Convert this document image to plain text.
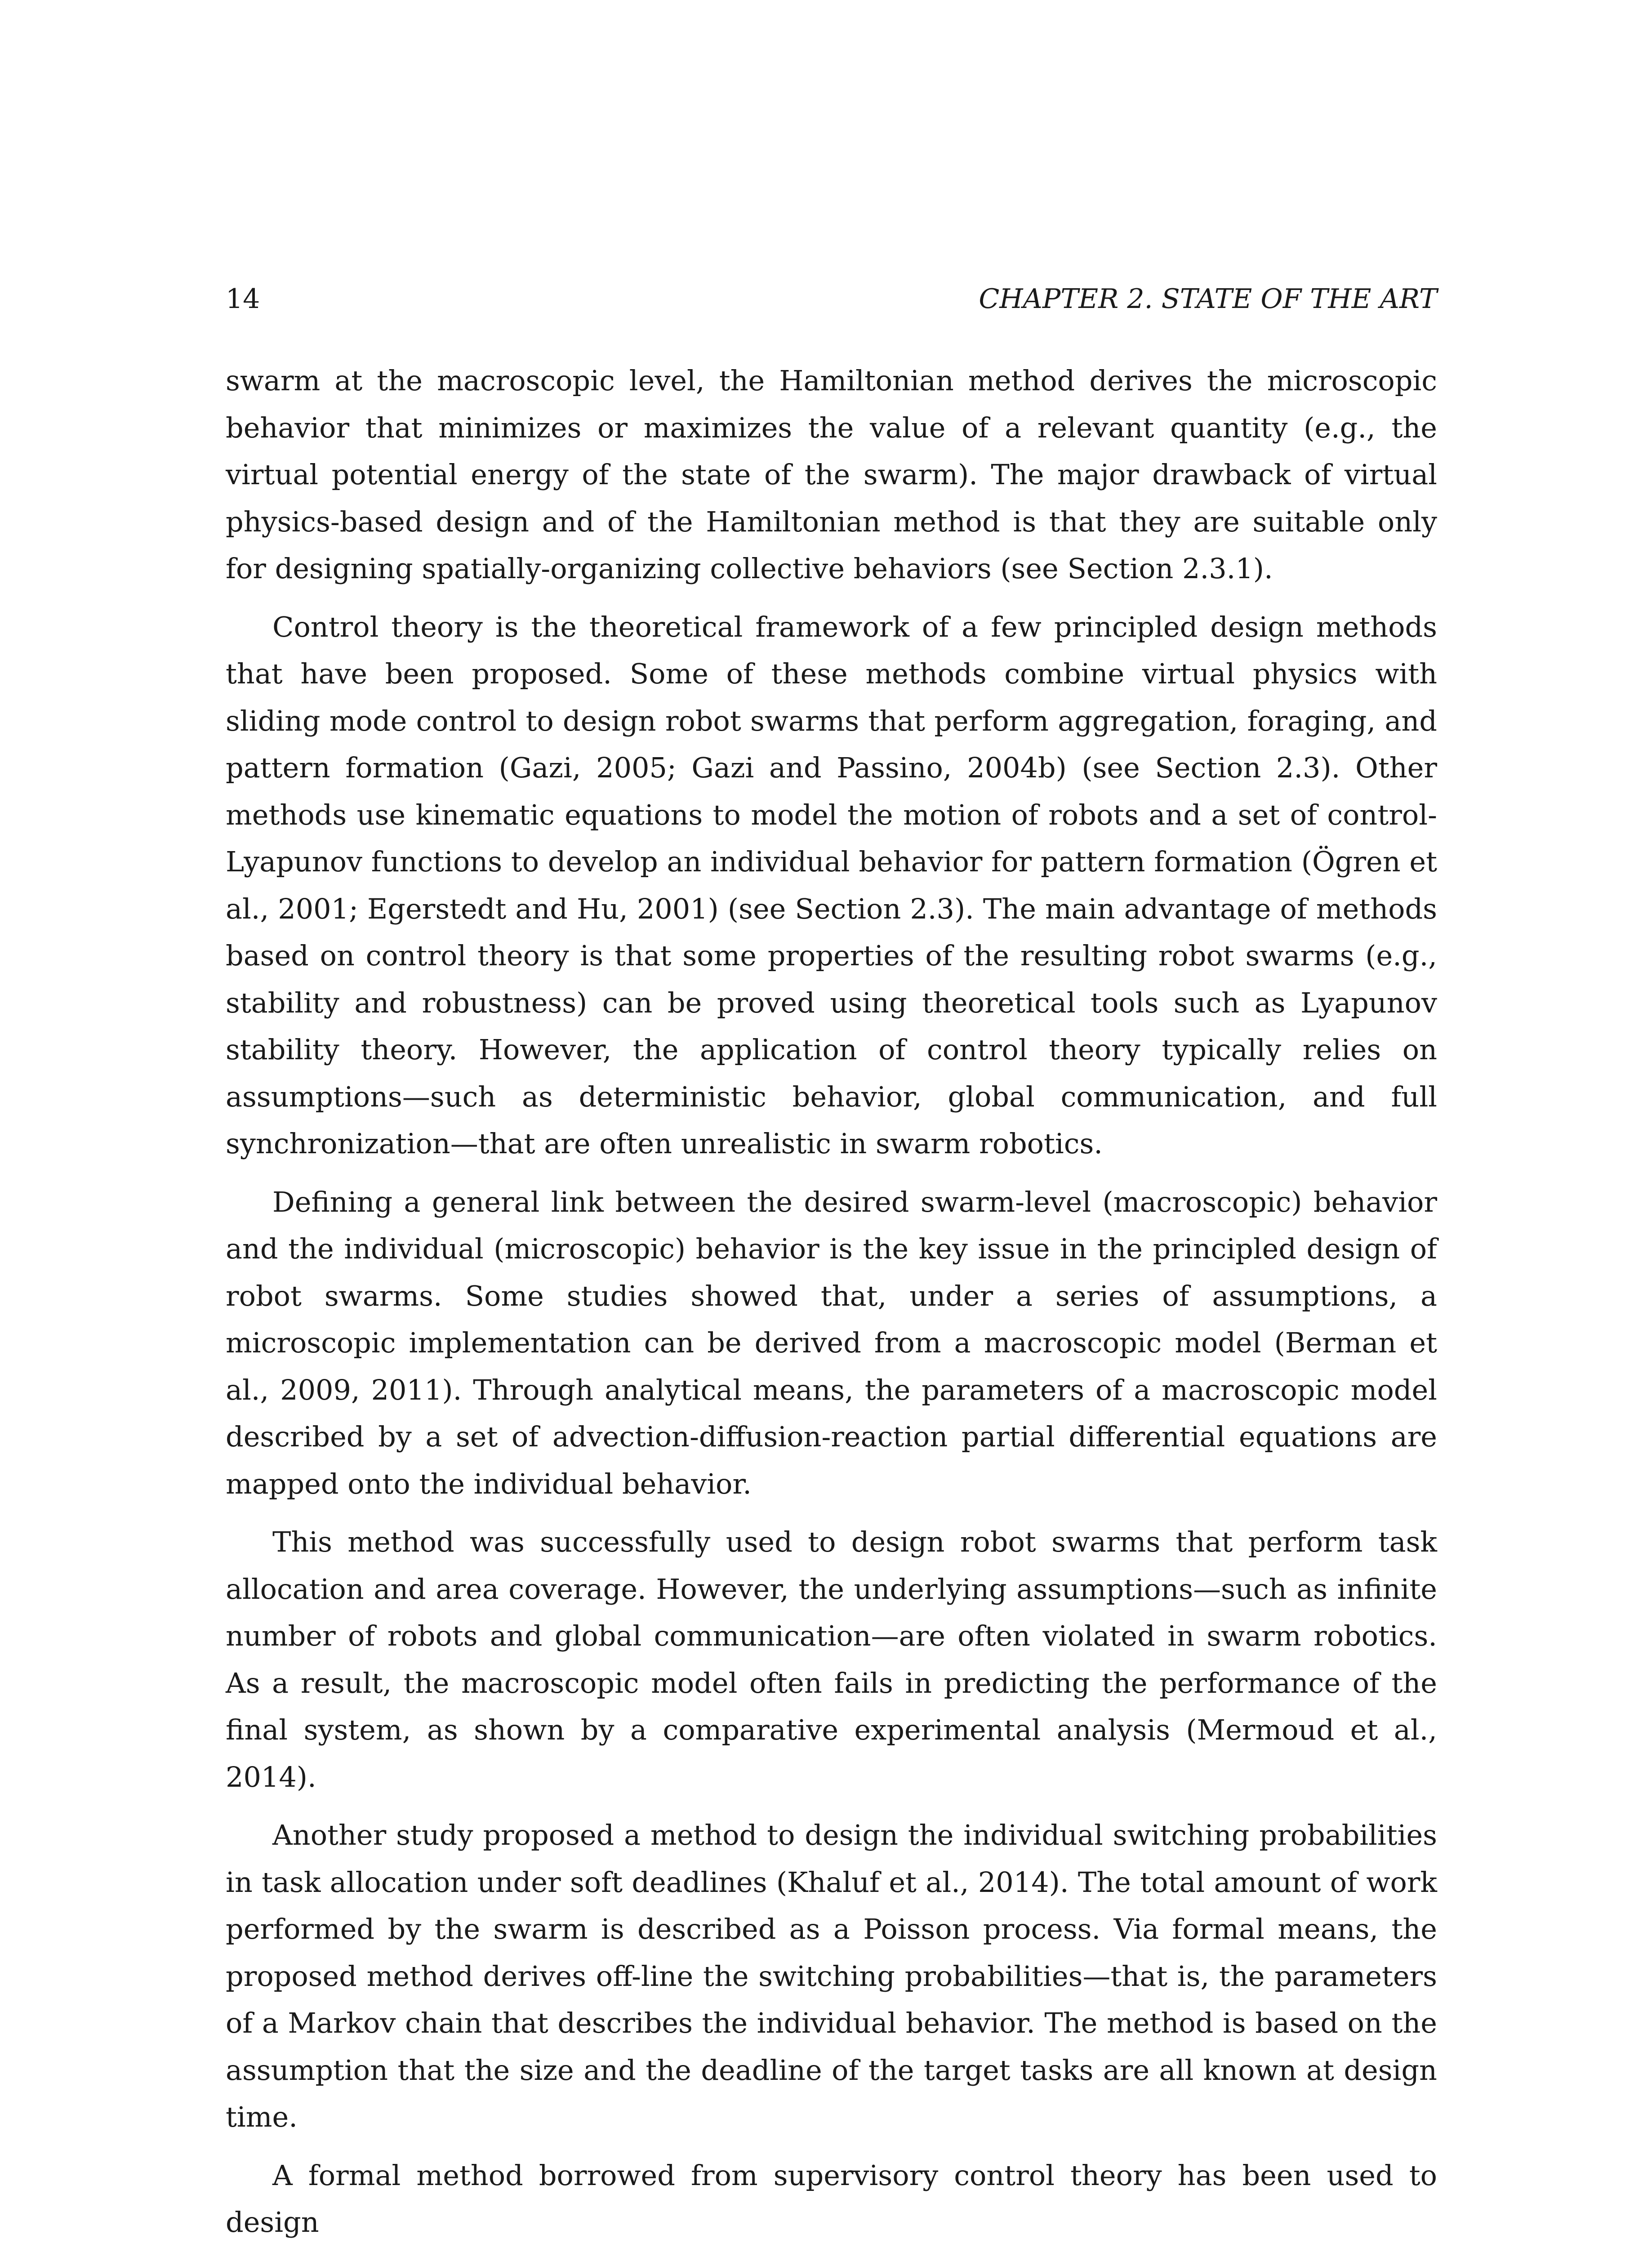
14	CHAPTER 2. STATE OF THE ART

swarm at the macroscopic level, the Hamiltonian method derives the microscopic behavior that minimizes or maximizes the value of a relevant quantity (e.g., the virtual potential energy of the state of the swarm). The major drawback of virtual physics-based design and of the Hamiltonian method is that they are suitable only for designing spatially-organizing collective behaviors (see Section 2.3.1).

Control theory is the theoretical framework of a few principled design methods that have been proposed. Some of these methods combine virtual physics with sliding mode control to design robot swarms that perform aggregation, foraging, and pattern formation (Gazi, 2005; Gazi and Passino, 2004b) (see Section 2.3). Other methods use kinematic equations to model the motion of robots and a set of control-Lyapunov functions to develop an individual behavior for pattern formation (Ögren et al., 2001; Egerstedt and Hu, 2001) (see Section 2.3). The main advantage of methods based on control theory is that some properties of the resulting robot swarms (e.g., stability and robustness) can be proved using theoretical tools such as Lyapunov stability theory. However, the application of control theory typically relies on assumptions—such as deterministic behavior, global communication, and full synchronization—that are often unrealistic in swarm robotics.

Defining a general link between the desired swarm-level (macroscopic) behavior and the individual (microscopic) behavior is the key issue in the principled design of robot swarms. Some studies showed that, under a series of assumptions, a microscopic implementation can be derived from a macroscopic model (Berman et al., 2009, 2011). Through analytical means, the parameters of a macroscopic model described by a set of advection-diffusion-reaction partial differential equations are mapped onto the individual behavior.

This method was successfully used to design robot swarms that perform task allocation and area coverage. However, the underlying assumptions—such as infinite number of robots and global communication—are often violated in swarm robotics. As a result, the macroscopic model often fails in predicting the performance of the final system, as shown by a comparative experimental analysis (Mermoud et al., 2014).

Another study proposed a method to design the individual switching probabilities in task allocation under soft deadlines (Khaluf et al., 2014). The total amount of work performed by the swarm is described as a Poisson process. Via formal means, the proposed method derives off-line the switching probabilities—that is, the parameters of a Markov chain that describes the individual behavior. The method is based on the assumption that the size and the deadline of the target tasks are all known at design time.

A formal method borrowed from supervisory control theory has been used to design
